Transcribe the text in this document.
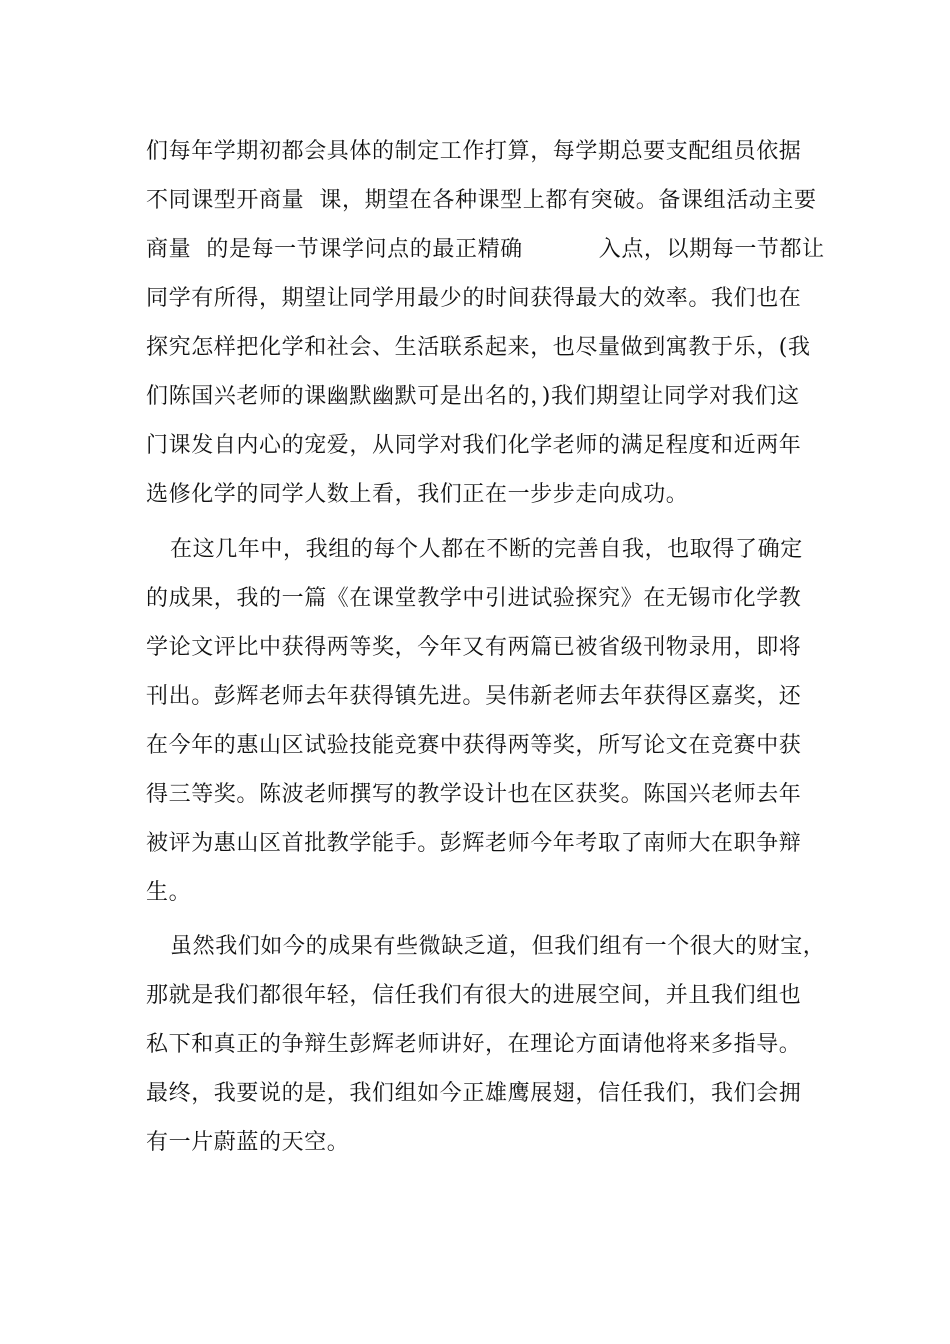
们每年学期初都会具体的制定工作打算，每学期总要支配组员依据
不同课型开商量  课，期望在各种课型上都有突破。备课组活动主要
商量  的是每一节课学问点的最正精确          入点，以期每一节都让
同学有所得，期望让同学用最少的时间获得最大的效率。我们也在
探究怎样把化学和社会、生活联系起来，也尽量做到寓教于乐，(我
们陈国兴老师的课幽默幽默可是出名的，)我们期望让同学对我们这
门课发自内心的宠爱，从同学对我们化学老师的满足程度和近两年
选修化学的同学人数上看，我们正在一步步走向成功。
在这几年中，我组的每个人都在不断的完善自我，也取得了确定
的成果，我的一篇《在课堂教学中引进试验探究》在无锡市化学教
学论文评比中获得两等奖，今年又有两篇已被省级刊物录用，即将
刊出。彭辉老师去年获得镇先进。吴伟新老师去年获得区嘉奖，还
在今年的惠山区试验技能竞赛中获得两等奖，所写论文在竞赛中获
得三等奖。陈波老师撰写的教学设计也在区获奖。陈国兴老师去年
被评为惠山区首批教学能手。彭辉老师今年考取了南师大在职争辩
生。
虽然我们如今的成果有些微缺乏道，但我们组有一个很大的财宝，
那就是我们都很年轻，信任我们有很大的进展空间，并且我们组也
私下和真正的争辩生彭辉老师讲好，在理论方面请他将来多指导。
最终，我要说的是，我们组如今正雄鹰展翅，信任我们，我们会拥
有一片蔚蓝的天空。
